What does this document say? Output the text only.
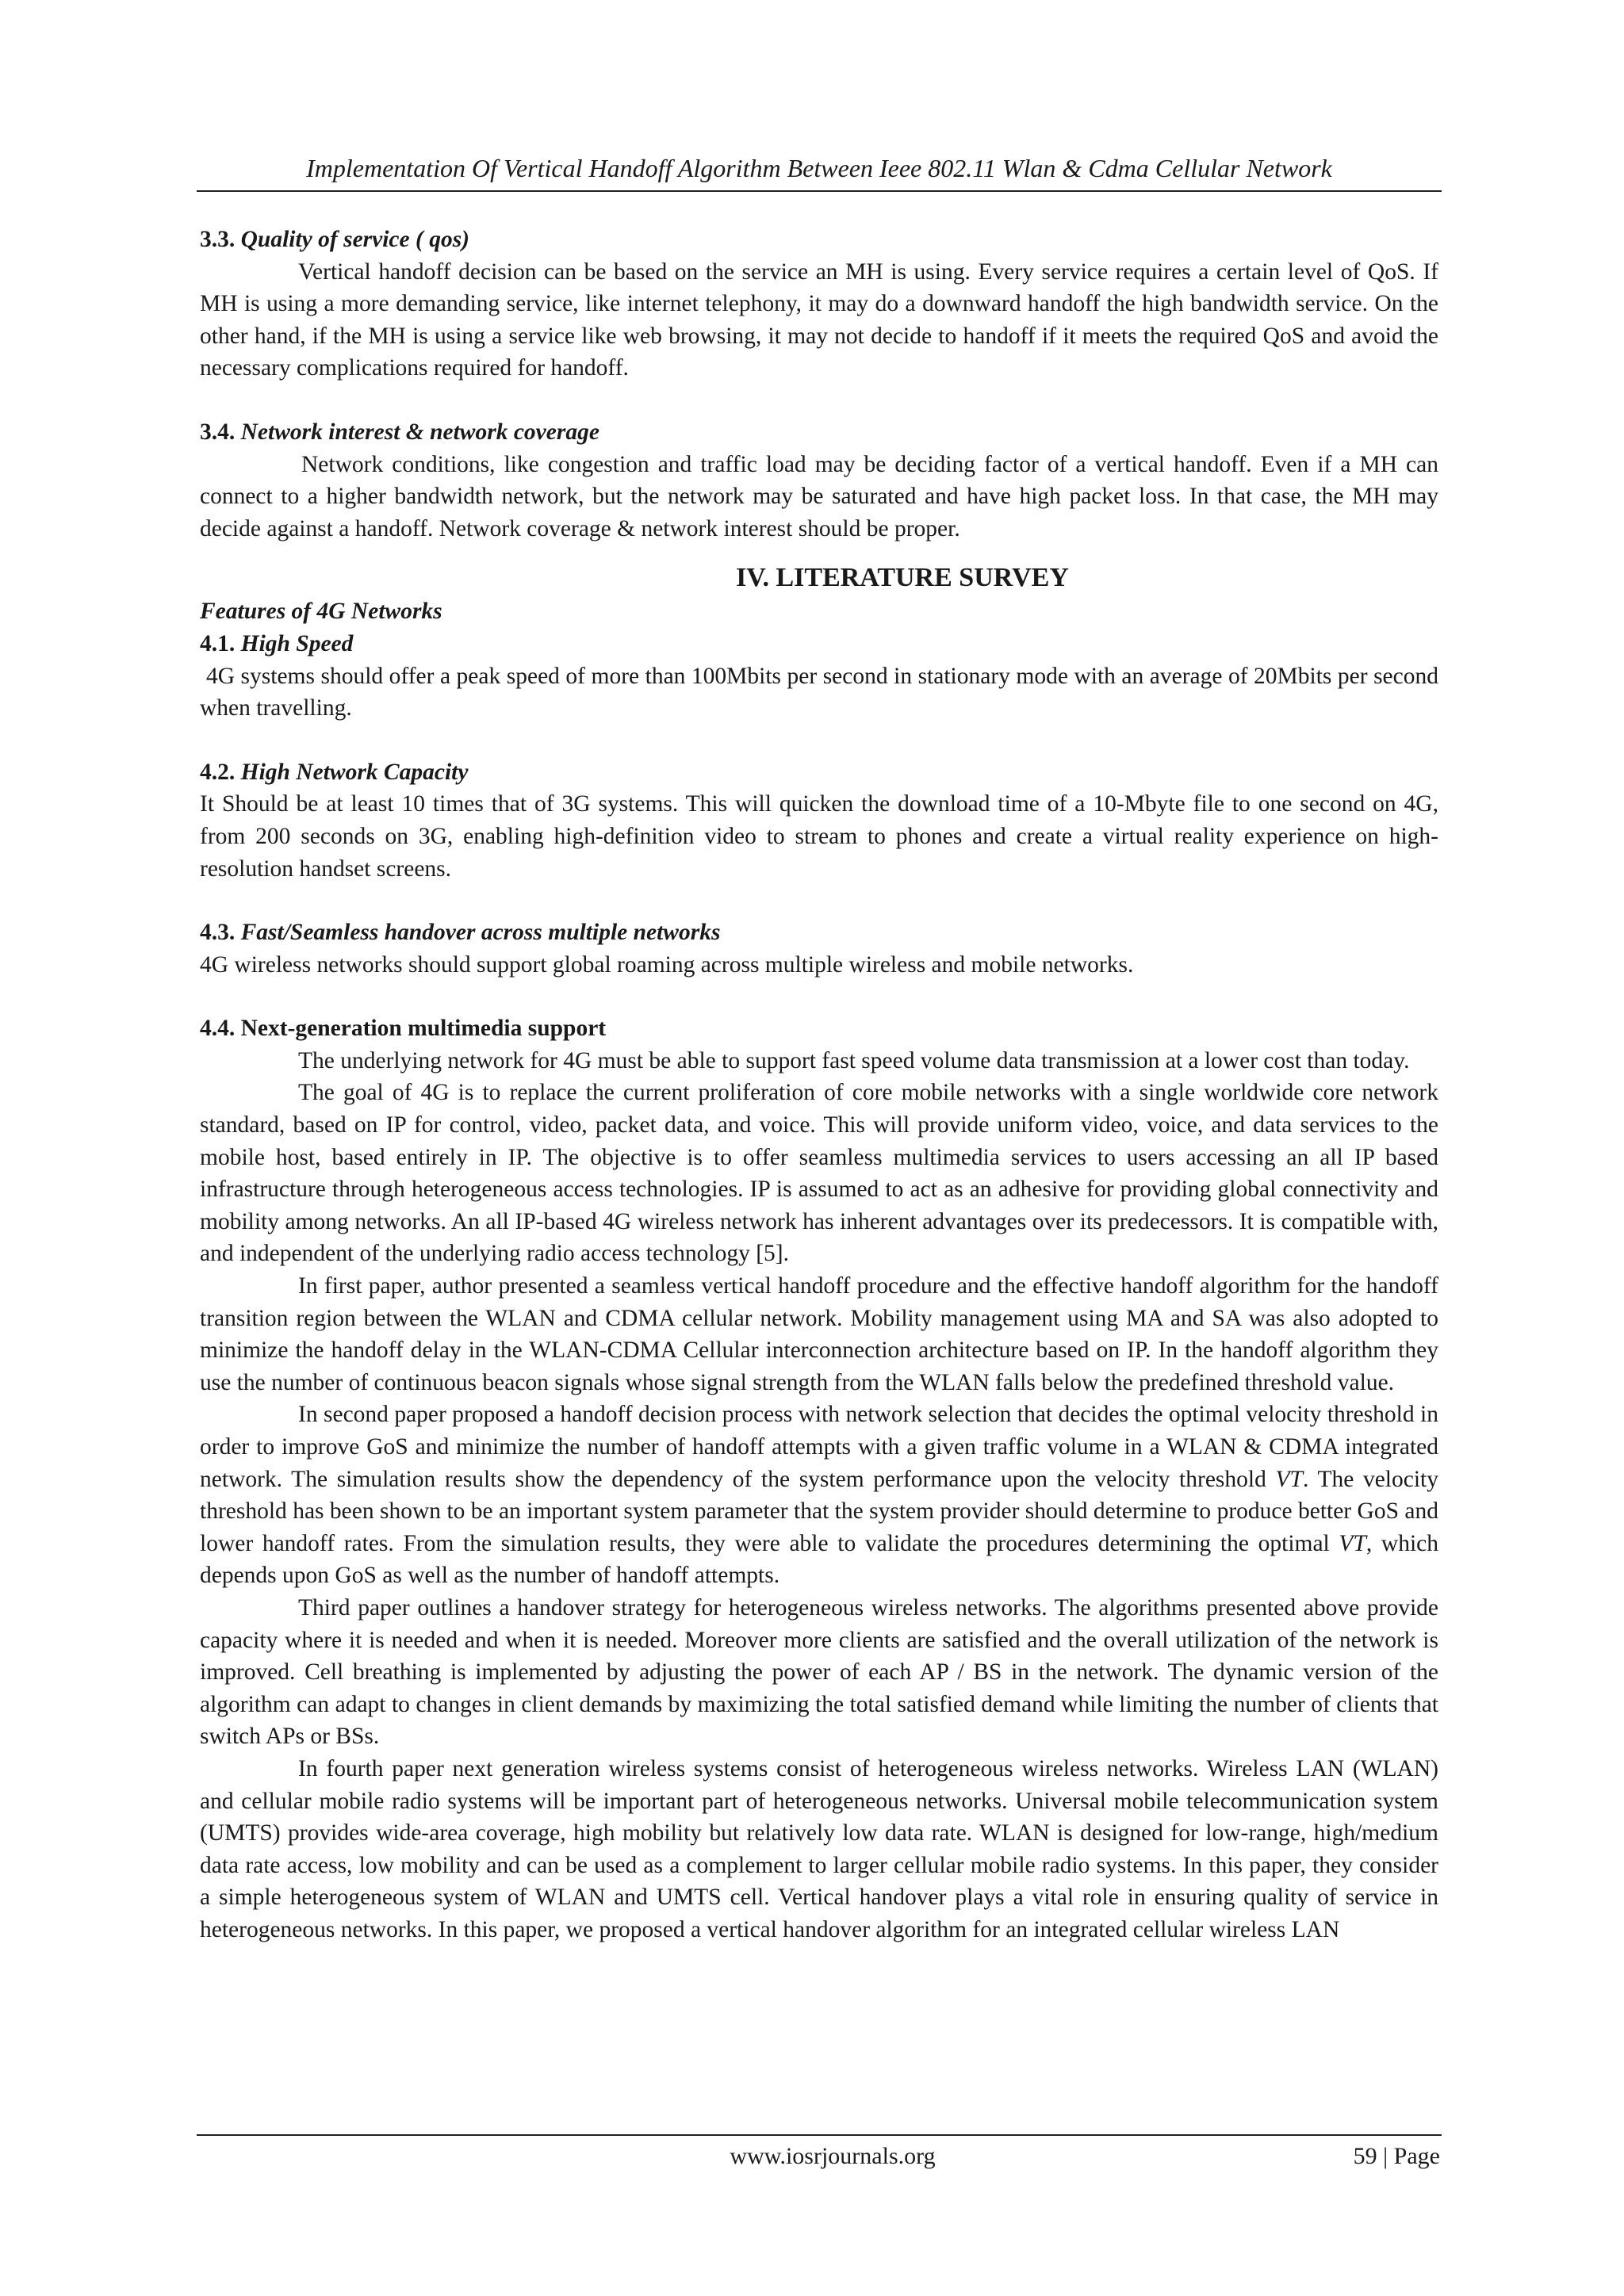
Implementation Of Vertical Handoff Algorithm Between Ieee 802.11 Wlan & Cdma Cellular Network

3.3. Quality of service ( qos)

Vertical handoff decision can be based on the service an MH is using. Every service requires a certain level of QoS. If MH is using a more demanding service, like internet telephony, it may do a downward handoff the high bandwidth service. On the other hand, if the MH is using a service like web browsing, it may not decide to handoff if it meets the required QoS and avoid the necessary complications required for handoff.

3.4. Network interest & network coverage

Network conditions, like congestion and traffic load may be deciding factor of a vertical handoff. Even if a MH can connect to a higher bandwidth network, but the network may be saturated and have high packet loss. In that case, the MH may decide against a handoff. Network coverage & network interest should be proper.

IV. LITERATURE SURVEY

Features of 4G Networks

4.1. High Speed

4G systems should offer a peak speed of more than 100Mbits per second in stationary mode with an average of 20Mbits per second when travelling.

4.2. High Network Capacity

It Should be at least 10 times that of 3G systems. This will quicken the download time of a 10-Mbyte file to one second on 4G, from 200 seconds on 3G, enabling high-definition video to stream to phones and create a virtual reality experience on high-resolution handset screens.

4.3. Fast/Seamless handover across multiple networks

4G wireless networks should support global roaming across multiple wireless and mobile networks.

4.4. Next-generation multimedia support

The underlying network for 4G must be able to support fast speed volume data transmission at a lower cost than today.

The goal of 4G is to replace the current proliferation of core mobile networks with a single worldwide core network standard, based on IP for control, video, packet data, and voice. This will provide uniform video, voice, and data services to the mobile host, based entirely in IP. The objective is to offer seamless multimedia services to users accessing an all IP based infrastructure through heterogeneous access technologies. IP is assumed to act as an adhesive for providing global connectivity and mobility among networks. An all IP-based 4G wireless network has inherent advantages over its predecessors. It is compatible with, and independent of the underlying radio access technology [5].

In first paper, author presented a seamless vertical handoff procedure and the effective handoff algorithm for the handoff transition region between the WLAN and CDMA cellular network. Mobility management using MA and SA was also adopted to minimize the handoff delay in the WLAN-CDMA Cellular interconnection architecture based on IP. In the handoff algorithm they use the number of continuous beacon signals whose signal strength from the WLAN falls below the predefined threshold value.

In second paper proposed a handoff decision process with network selection that decides the optimal velocity threshold in order to improve GoS and minimize the number of handoff attempts with a given traffic volume in a WLAN & CDMA integrated network. The simulation results show the dependency of the system performance upon the velocity threshold VT. The velocity threshold has been shown to be an important system parameter that the system provider should determine to produce better GoS and lower handoff rates. From the simulation results, they were able to validate the procedures determining the optimal VT, which depends upon GoS as well as the number of handoff attempts.

Third paper outlines a handover strategy for heterogeneous wireless networks. The algorithms presented above provide capacity where it is needed and when it is needed. Moreover more clients are satisfied and the overall utilization of the network is improved. Cell breathing is implemented by adjusting the power of each AP / BS in the network. The dynamic version of the algorithm can adapt to changes in client demands by maximizing the total satisfied demand while limiting the number of clients that switch APs or BSs.

In fourth paper next generation wireless systems consist of heterogeneous wireless networks. Wireless LAN (WLAN) and cellular mobile radio systems will be important part of heterogeneous networks. Universal mobile telecommunication system (UMTS) provides wide-area coverage, high mobility but relatively low data rate. WLAN is designed for low-range, high/medium data rate access, low mobility and can be used as a complement to larger cellular mobile radio systems. In this paper, they consider a simple heterogeneous system of WLAN and UMTS cell. Vertical handover plays a vital role in ensuring quality of service in heterogeneous networks. In this paper, we proposed a vertical handover algorithm for an integrated cellular wireless LAN

www.iosrjournals.org	59 | Page
